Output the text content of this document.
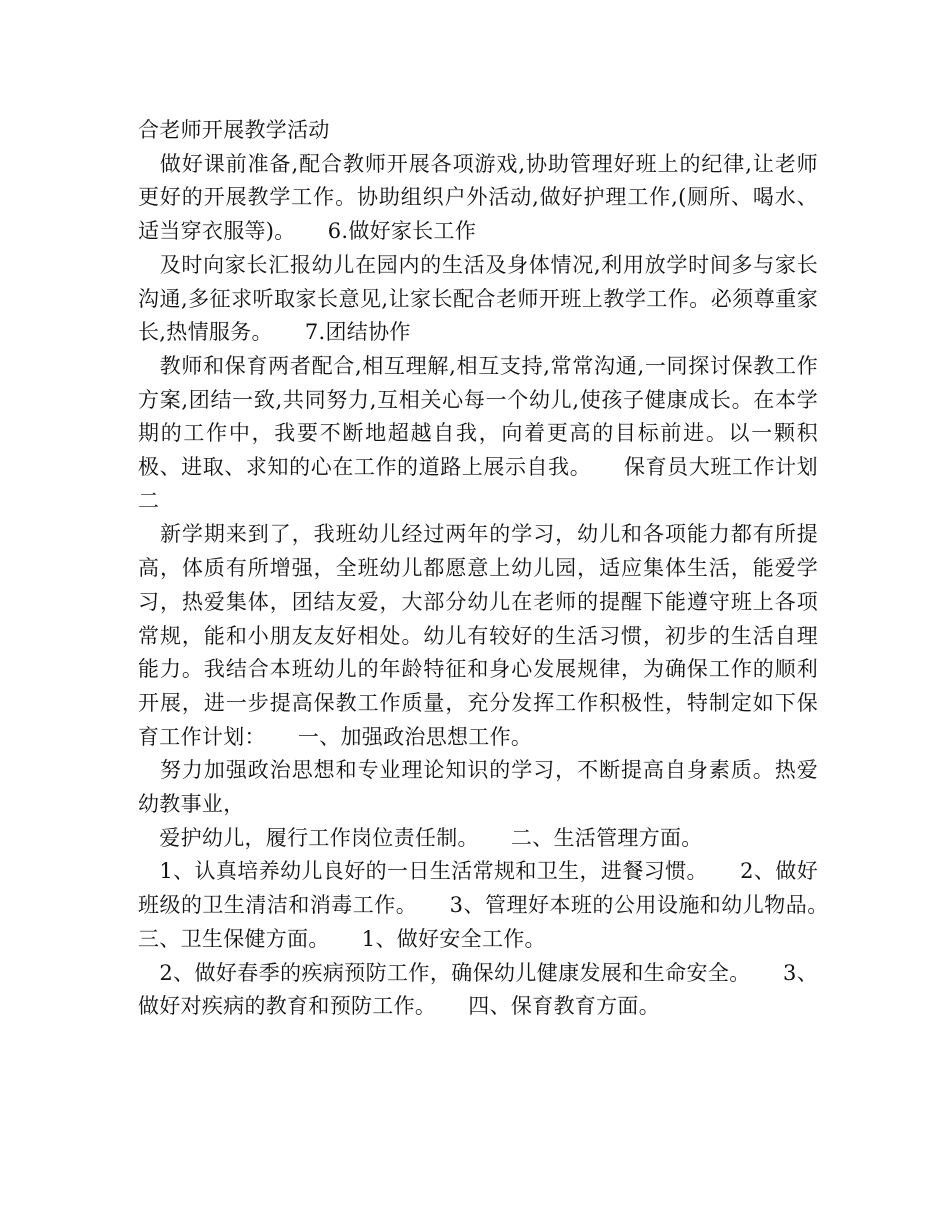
合老师开展教学活动

　做好课前准备,配合教师开展各项游戏,协助管理好班上的纪律,让老师更好的开展教学工作。协助组织户外活动,做好护理工作,(厕所、喝水、适当穿衣服等)。　　6.做好家长工作

　及时向家长汇报幼儿在园内的生活及身体情况,利用放学时间多与家长沟通,多征求听取家长意见,让家长配合老师开班上教学工作。必须尊重家长,热情服务。　　7.团结协作

　教师和保育两者配合,相互理解,相互支持,常常沟通,一同探讨保教工作方案,团结一致,共同努力,互相关心每一个幼儿,使孩子健康成长。在本学期的工作中，我要不断地超越自我，向着更高的目标前进。以一颗积极、进取、求知的心在工作的道路上展示自我。　　保育员大班工作计划二

　新学期来到了，我班幼儿经过两年的学习，幼儿和各项能力都有所提高，体质有所增强，全班幼儿都愿意上幼儿园，适应集体生活，能爱学习，热爱集体，团结友爱，大部分幼儿在老师的提醒下能遵守班上各项常规，能和小朋友友好相处。幼儿有较好的生活习惯，初步的生活自理能力。我结合本班幼儿的年龄特征和身心发展规律，为确保工作的顺利开展，进一步提高保教工作质量，充分发挥工作积极性，特制定如下保育工作计划：　　一、加强政治思想工作。

　努力加强政治思想和专业理论知识的学习，不断提高自身素质。热爱幼教事业，

　爱护幼儿，履行工作岗位责任制。　　二、生活管理方面。

　1、认真培养幼儿良好的一日生活常规和卫生，进餐习惯。　　2、做好班级的卫生清洁和消毒工作。　　3、管理好本班的公用设施和幼儿物品。　　三、卫生保健方面。　　1、做好安全工作。

　2、做好春季的疾病预防工作，确保幼儿健康发展和生命安全。　　3、做好对疾病的教育和预防工作。　　四、保育教育方面。
